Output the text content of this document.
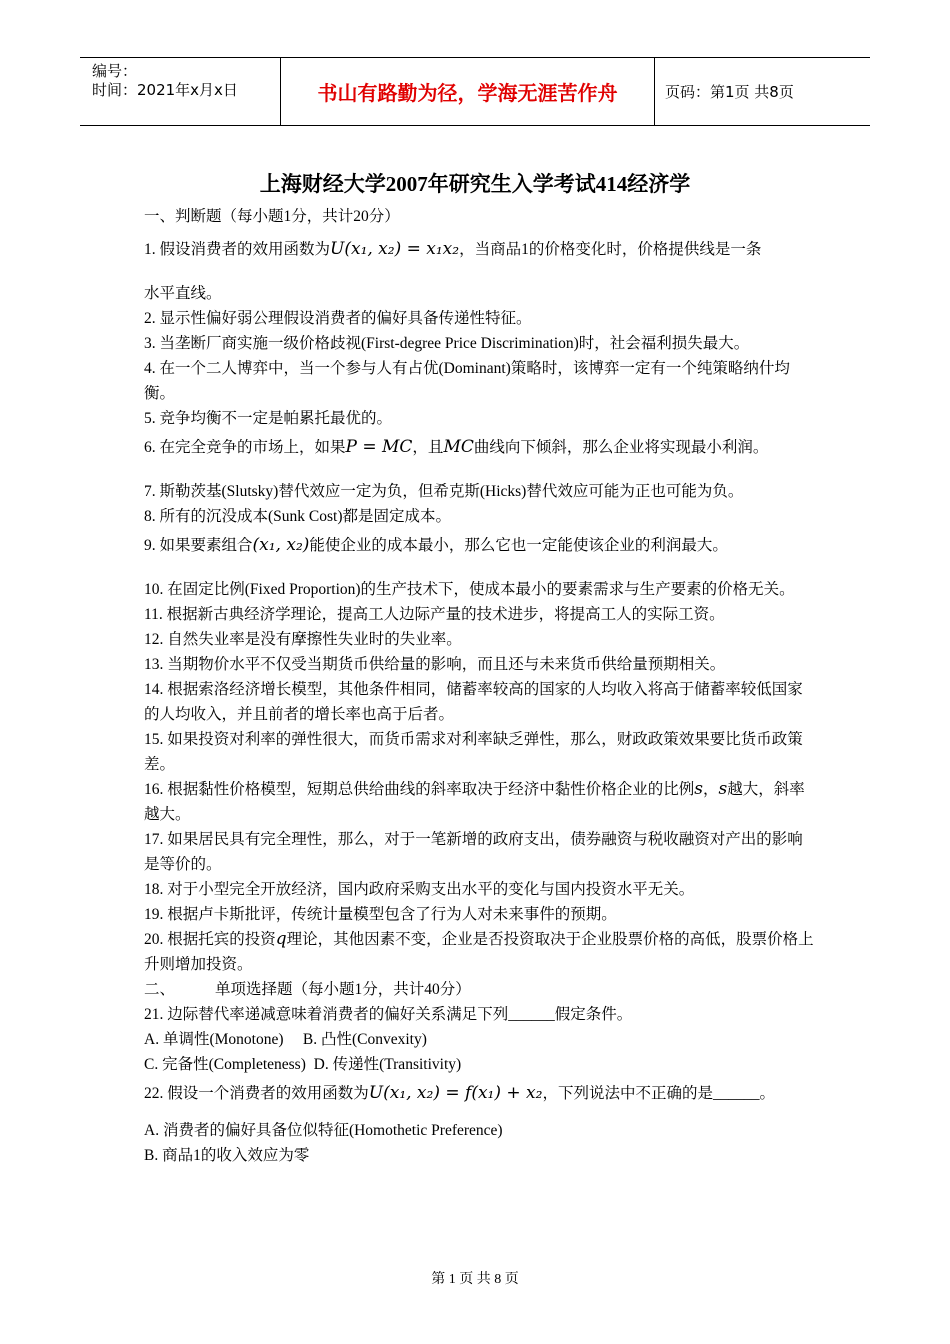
编号：
时间：2021年x月x日	书山有路勤为径，学海无涯苦作舟	页码：第1页 共8页
上海财经大学2007年研究生入学考试414经济学

一、判断题（每小题1分，共计20分）

1. 假设消费者的效用函数为U(x₁, x₂) = x₁x₂，当商品1的价格变化时，价格提供线是一条

水平直线。

2. 显示性偏好弱公理假设消费者的偏好具备传递性特征。

3. 当垄断厂商实施一级价格歧视(First-degree Price Discrimination)时，社会福利损失最大。

4. 在一个二人博弈中，当一个参与人有占优(Dominant)策略时，该博弈一定有一个纯策略纳什均衡。

5. 竞争均衡不一定是帕累托最优的。

6. 在完全竞争的市场上，如果P = MC，且MC曲线向下倾斜，那么企业将实现最小利润。

7. 斯勒茨基(Slutsky)替代效应一定为负，但希克斯(Hicks)替代效应可能为正也可能为负。

8. 所有的沉没成本(Sunk Cost)都是固定成本。

9. 如果要素组合(x₁, x₂)能使企业的成本最小，那么它也一定能使该企业的利润最大。

10. 在固定比例(Fixed Proportion)的生产技术下，使成本最小的要素需求与生产要素的价格无关。

11. 根据新古典经济学理论，提高工人边际产量的技术进步，将提高工人的实际工资。

12. 自然失业率是没有摩擦性失业时的失业率。

13. 当期物价水平不仅受当期货币供给量的影响，而且还与未来货币供给量预期相关。

14. 根据索洛经济增长模型，其他条件相同，储蓄率较高的国家的人均收入将高于储蓄率较低国家的人均收入，并且前者的增长率也高于后者。

15. 如果投资对利率的弹性很大，而货币需求对利率缺乏弹性，那么，财政政策效果要比货币政策差。

16. 根据黏性价格模型，短期总供给曲线的斜率取决于经济中黏性价格企业的比例s，s越大，斜率越大。

17. 如果居民具有完全理性，那么，对于一笔新增的政府支出，债券融资与税收融资对产出的影响是等价的。

18. 对于小型完全开放经济，国内政府采购支出水平的变化与国内投资水平无关。

19. 根据卢卡斯批评，传统计量模型包含了行为人对未来事件的预期。

20. 根据托宾的投资q理论，其他因素不变，企业是否投资取决于企业股票价格的高低，股票价格上升则增加投资。

二、	单项选择题（每小题1分，共计40分）

21. 边际替代率递减意味着消费者的偏好关系满足下列______假定条件。

A. 单调性(Monotone)     B. 凸性(Convexity)

C. 完备性(Completeness)  D. 传递性(Transitivity)

22. 假设一个消费者的效用函数为U(x₁, x₂) = f(x₁) + x₂，下列说法中不正确的是______。

A. 消费者的偏好具备位似特征(Homothetic Preference)

B. 商品1的收入效应为零

第 1 页 共 8 页
